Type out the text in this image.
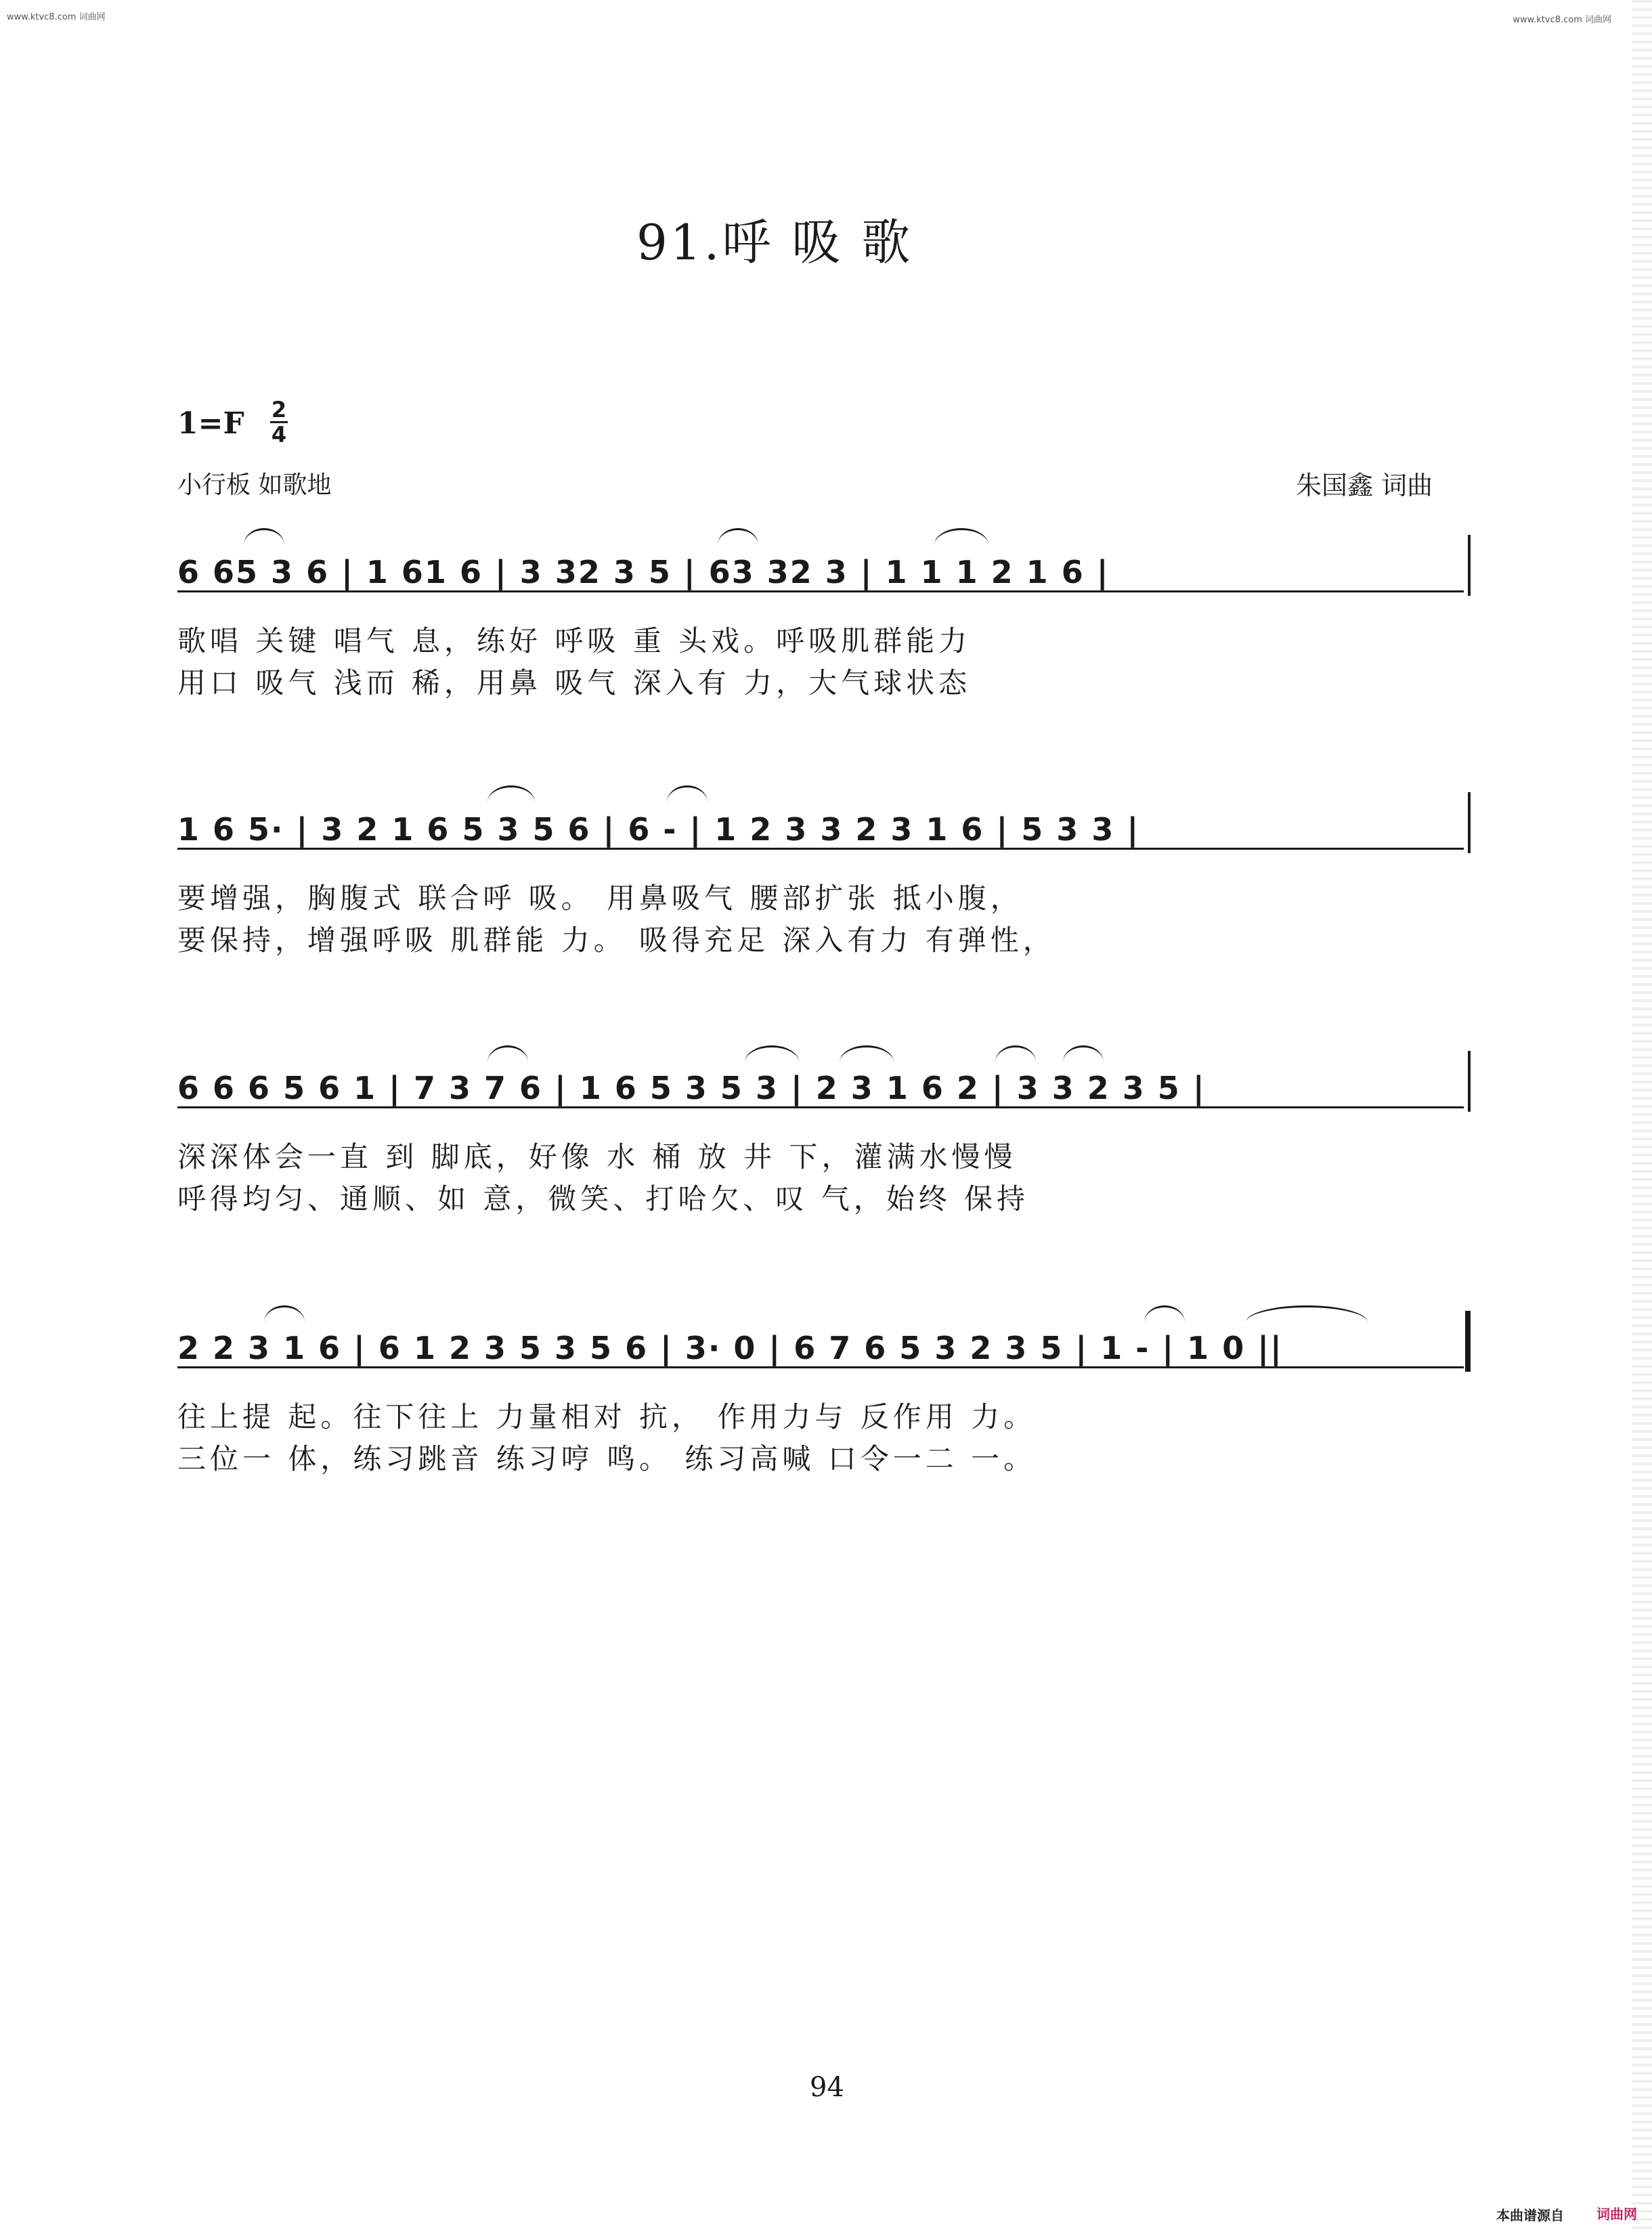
www.ktvc8.com 词曲网	www.ktvc8.com 词曲网
91.呼 吸 歌
1=F 2
4
小行板 如歌地	朱国鑫 词曲
6 65 3 6 | 1 61 6 | 3 32 3 5 | 63 32 3 | 1 1 1 2 1 6 |
歌唱 关键 唱气 息，练好 呼吸 重 头戏。呼吸肌群能力
用口 吸气 浅而 稀，用鼻 吸气 深入有 力，大气球状态
1 6 5· | 3 2 1 6 5 3 5 6 | 6 - | 1 2 3 3 2 3 1 6 | 5 3 3 |
要增强，胸腹式 联合呼 吸。 用鼻吸气 腰部扩张 抵小腹，
要保持，增强呼吸 肌群能 力。 吸得充足 深入有力 有弹性，
6 6 6 5 6 1 | 7 3 7 6 | 1 6 5 3 5 3 | 2 3 1 6 2 | 3 3 2 3 5 |
深深体会一直 到 脚底，好像 水 桶 放 井 下，灌满水慢慢
呼得均匀、通顺、如 意，微笑、打哈欠、叹 气，始终 保持
2 2 3 1 6 | 6 1 2 3 5 3 5 6 | 3· 0 | 6 7 6 5 3 2 3 5 | 1 - | 1 0 ||
往上提 起。往下往上 力量相对 抗， 作用力与 反作用 力。
三位一 体，练习跳音 练习哼 鸣。 练习高喊 口令一二 一。
94
本曲谱源自 词曲网
